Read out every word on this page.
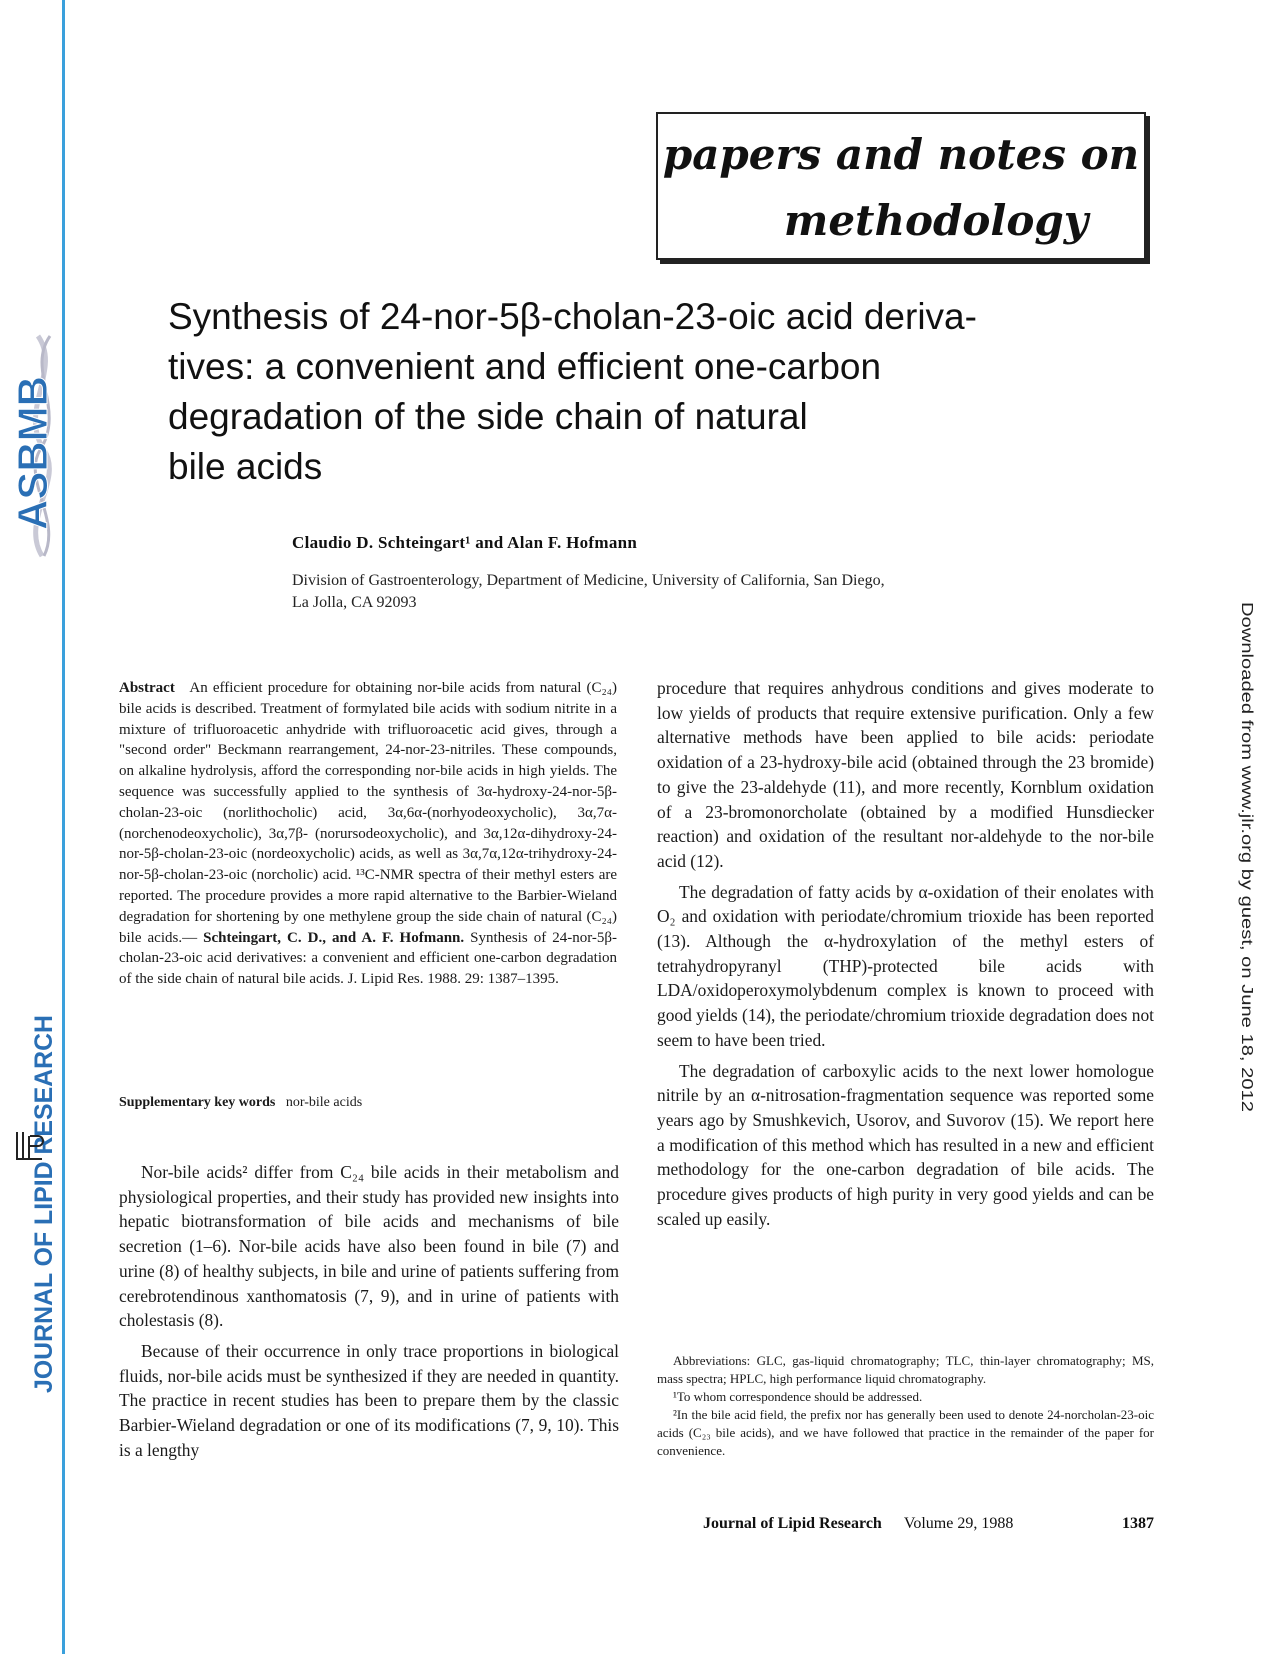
ASBMB
JOURNAL OF LIPID RESEARCH
Downloaded from www.jlr.org by guest, on June 18, 2012
papers and notes on
methodology
Synthesis of 24-nor-5β-cholan-23-oic acid deriva-
tives: a convenient and efficient one-carbon
degradation of the side chain of natural
bile acids
Claudio D. Schteingart¹ and Alan F. Hofmann
Division of Gastroenterology, Department of Medicine, University of California, San Diego,
La Jolla, CA 92093
Abstract An efficient procedure for obtaining nor-bile acids from natural (C₂₄) bile acids is described. Treatment of formylated bile acids with sodium nitrite in a mixture of trifluoroacetic anhydride with trifluoroacetic acid gives, through a "second order" Beckmann rearrangement, 24-nor-23-nitriles. These compounds, on alkaline hydrolysis, afford the corresponding nor-bile acids in high yields. The sequence was successfully applied to the synthesis of 3α-hydroxy-24-nor-5β-cholan-23-oic (norlithocholic) acid, 3α,6α-(norhyodeoxycholic), 3α,7α- (norchenodeoxycholic), 3α,7β- (norursodeoxycholic), and 3α,12α-dihydroxy-24-nor-5β-cholan-23-oic (nordeoxycholic) acids, as well as 3α,7α,12α-trihydroxy-24-nor-5β-cholan-23-oic (norcholic) acid. ¹³C-NMR spectra of their methyl esters are reported. The procedure provides a more rapid alternative to the Barbier-Wieland degradation for shortening by one methylene group the side chain of natural (C₂₄) bile acids.— Schteingart, C. D., and A. F. Hofmann. Synthesis of 24-nor-5β-cholan-23-oic acid derivatives: a convenient and efficient one-carbon degradation of the side chain of natural bile acids. J. Lipid Res. 1988. 29: 1387–1395.
Supplementary key words nor-bile acids

Nor-bile acids² differ from C₂₄ bile acids in their metabolism and physiological properties, and their study has provided new insights into hepatic biotransformation of bile acids and mechanisms of bile secretion (1–6). Nor-bile acids have also been found in bile (7) and urine (8) of healthy subjects, in bile and urine of patients suffering from cerebrotendinous xanthomatosis (7, 9), and in urine of patients with cholestasis (8).

Because of their occurrence in only trace proportions in biological fluids, nor-bile acids must be synthesized if they are needed in quantity. The practice in recent studies has been to prepare them by the classic Barbier-Wieland degradation or one of its modifications (7, 9, 10). This is a lengthy

procedure that requires anhydrous conditions and gives moderate to low yields of products that require extensive purification. Only a few alternative methods have been applied to bile acids: periodate oxidation of a 23-hydroxy-bile acid (obtained through the 23 bromide) to give the 23-aldehyde (11), and more recently, Kornblum oxidation of a 23-bromonorcholate (obtained by a modified Hunsdiecker reaction) and oxidation of the resultant nor-aldehyde to the nor-bile acid (12).

The degradation of fatty acids by α-oxidation of their enolates with O₂ and oxidation with periodate/chromium trioxide has been reported (13). Although the α-hydroxylation of the methyl esters of tetrahydropyranyl (THP)-protected bile acids with LDA/oxidoperoxymolybdenum complex is known to proceed with good yields (14), the periodate/chromium trioxide degradation does not seem to have been tried.

The degradation of carboxylic acids to the next lower homologue nitrile by an α-nitrosation-fragmentation sequence was reported some years ago by Smushkevich, Usorov, and Suvorov (15). We report here a modification of this method which has resulted in a new and efficient methodology for the one-carbon degradation of bile acids. The procedure gives products of high purity in very good yields and can be scaled up easily.

Abbreviations: GLC, gas-liquid chromatography; TLC, thin-layer chromatography; MS, mass spectra; HPLC, high performance liquid chromatography.

¹To whom correspondence should be addressed.

²In the bile acid field, the prefix nor has generally been used to denote 24-norcholan-23-oic acids (C₂₃ bile acids), and we have followed that practice in the remainder of the paper for convenience.

Journal of Lipid Research Volume 29, 1988	1387
